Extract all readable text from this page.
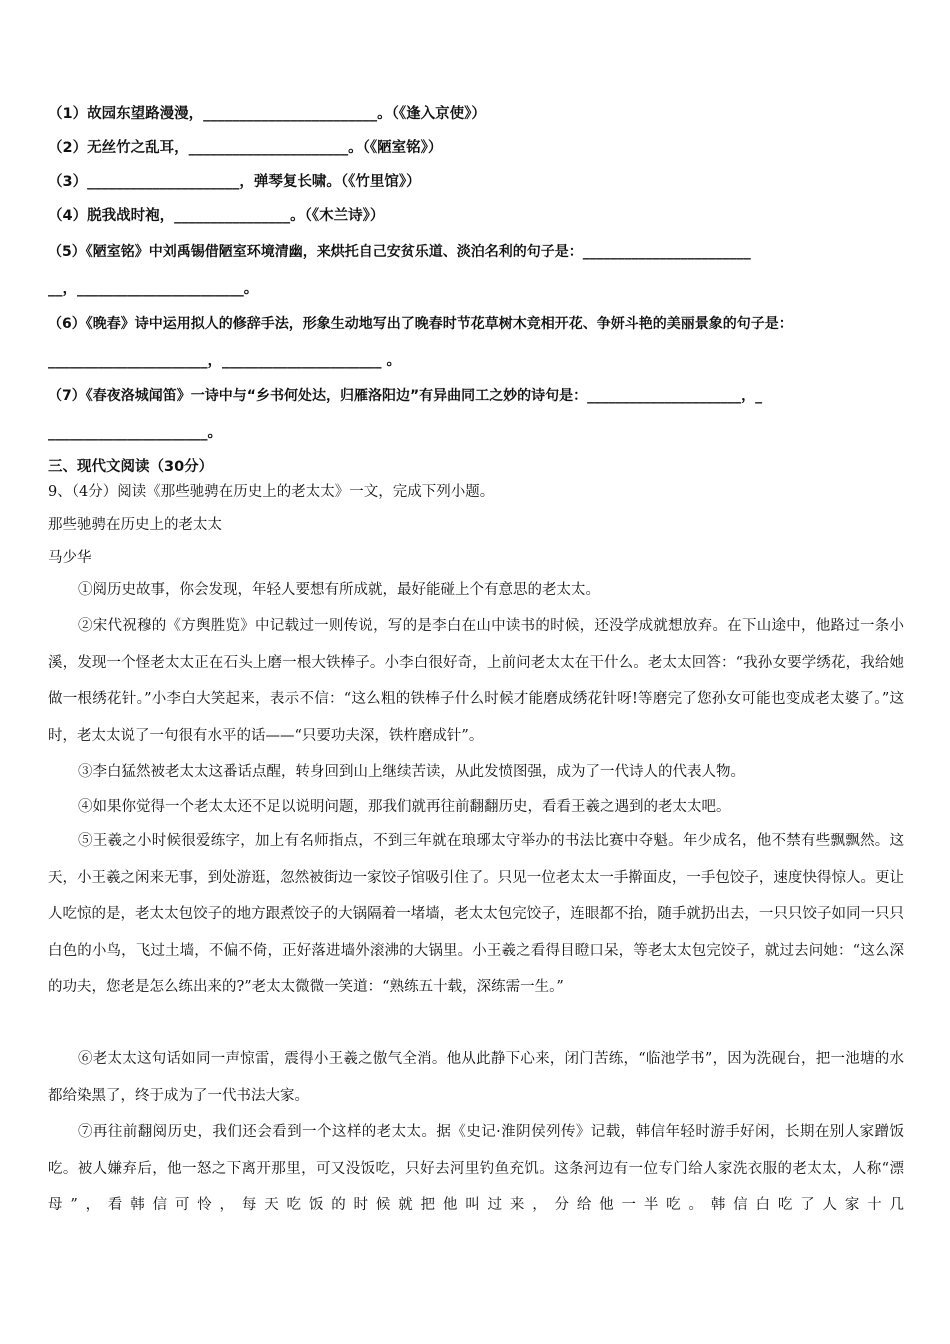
（1）故园东望路漫漫，________________________。（《逢入京使》）
（2）无丝竹之乱耳，______________________。（《陋室铭》）
（3）_____________________，弹琴复长啸。（《竹里馆》）
（4）脱我战时袍，________________。（《木兰诗》）
（5）《陋室铭》中刘禹锡借陋室环境清幽，来烘托自己安贫乐道、淡泊名利的句子是：________________________
__，_______________________。
（6）《晚春》诗中运用拟人的修辞手法，形象生动地写出了晚春时节花草树木竞相开花、争妍斗艳的美丽景象的句子是：
______________________，______________________ 。
（7）《春夜洛城闻笛》一诗中与“乡书何处达，归雁洛阳边”有异曲同工之妙的诗句是：______________________，_
______________________。
三、现代文阅读（30分）
9、（4分）阅读《那些驰骋在历史上的老太太》一文，完成下列小题。
那些驰骋在历史上的老太太
马少华
①阅历史故事，你会发现，年轻人要想有所成就，最好能碰上个有意思的老太太。
②宋代祝穆的《方舆胜览》中记载过一则传说，写的是李白在山中读书的时候，还没学成就想放弃。在下山途中，他路过一条小溪，发现一个怪老太太正在石头上磨一根大铁棒子。小李白很好奇，上前问老太太在干什么。老太太回答：“我孙女要学绣花，我给她做一根绣花针。”小李白大笑起来，表示不信：“这么粗的铁棒子什么时候才能磨成绣花针呀!等磨完了您孙女可能也变成老太婆了。”这时，老太太说了一句很有水平的话——“只要功夫深，铁杵磨成针”。
③李白猛然被老太太这番话点醒，转身回到山上继续苦读，从此发愤图强，成为了一代诗人的代表人物。
④如果你觉得一个老太太还不足以说明问题，那我们就再往前翻翻历史，看看王羲之遇到的老太太吧。
⑤王羲之小时候很爱练字，加上有名师指点，不到三年就在琅琊太守举办的书法比赛中夺魁。年少成名，他不禁有些飘飘然。这天，小王羲之闲来无事，到处游逛，忽然被街边一家饺子馆吸引住了。只见一位老太太一手擀面皮，一手包饺子，速度快得惊人。更让人吃惊的是，老太太包饺子的地方跟煮饺子的大锅隔着一堵墙，老太太包完饺子，连眼都不抬，随手就扔出去，一只只饺子如同一只只白色的小鸟，飞过土墙，不偏不倚，正好落进墙外滚沸的大锅里。小王羲之看得目瞪口呆，等老太太包完饺子，就过去问她：“这么深的功夫，您老是怎么练出来的?”老太太微微一笑道：“熟练五十载，深练需一生。”
⑥老太太这句话如同一声惊雷，震得小王羲之傲气全消。他从此静下心来，闭门苦练，“临池学书”，因为洗砚台，把一池塘的水都给染黑了，终于成为了一代书法大家。
⑦再往前翻阅历史，我们还会看到一个这样的老太太。据《史记·淮阴侯列传》记载，韩信年轻时游手好闲，长期在别人家蹭饭吃。被人嫌弃后，他一怒之下离开那里，可又没饭吃，只好去河里钓鱼充饥。这条河边有一位专门给人家洗衣服的老太太，人称“漂母”，看韩信可怜，每天吃饭的时候就把他叫过来，分给他一半吃。韩信白吃了人家十几
